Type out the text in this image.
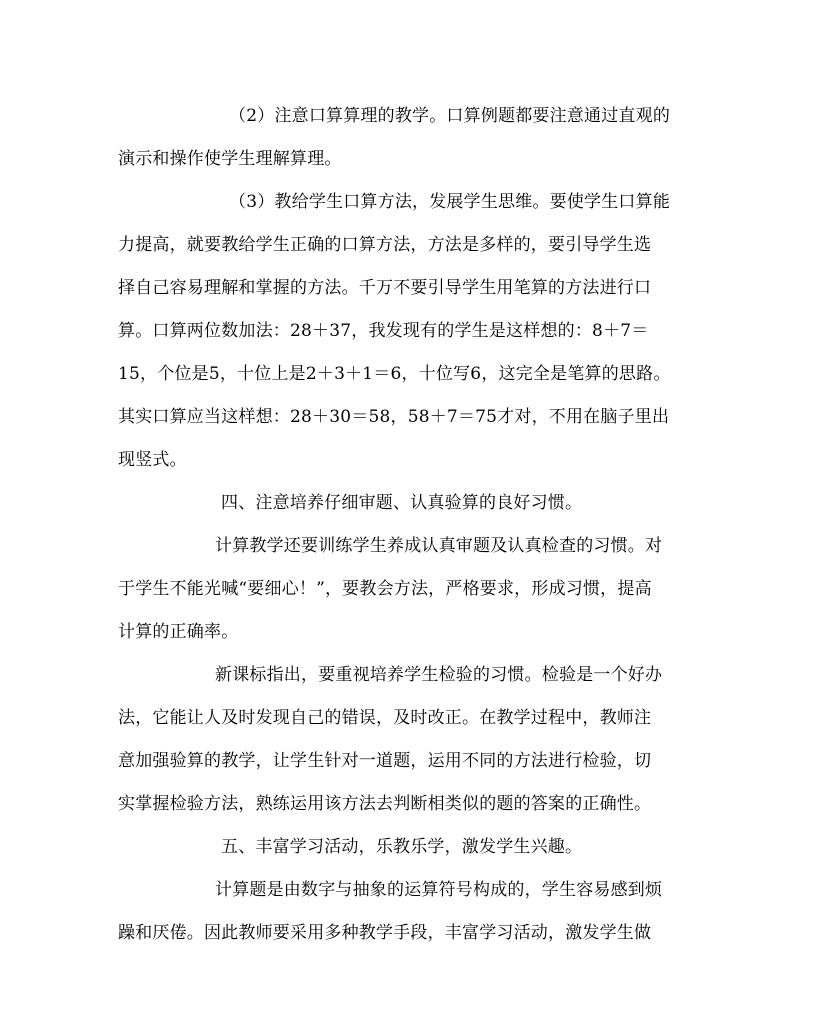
（2）注意口算算理的教学。口算例题都要注意通过直观的
演示和操作使学生理解算理。
（3）教给学生口算方法，发展学生思维。要使学生口算能
力提高，就要教给学生正确的口算方法，方法是多样的，要引导学生选
择自己容易理解和掌握的方法。千万不要引导学生用笔算的方法进行口
算。口算两位数加法：28＋37，我发现有的学生是这样想的：8＋7＝
15，个位是5，十位上是2＋3＋1＝6，十位写6，这完全是笔算的思路。
其实口算应当这样想：28＋30＝58，58＋7＝75才对，不用在脑子里出
现竖式。
四、注意培养仔细审题、认真验算的良好习惯。
计算教学还要训练学生养成认真审题及认真检查的习惯。对
于学生不能光喊“要细心！”，要教会方法，严格要求，形成习惯，提高
计算的正确率。
新课标指出，要重视培养学生检验的习惯。检验是一个好办
法，它能让人及时发现自己的错误，及时改正。在教学过程中，教师注
意加强验算的教学，让学生针对一道题，运用不同的方法进行检验，切
实掌握检验方法，熟练运用该方法去判断相类似的题的答案的正确性。
五、丰富学习活动，乐教乐学，激发学生兴趣。
计算题是由数字与抽象的运算符号构成的，学生容易感到烦
躁和厌倦。因此教师要采用多种教学手段，丰富学习活动，激发学生做
